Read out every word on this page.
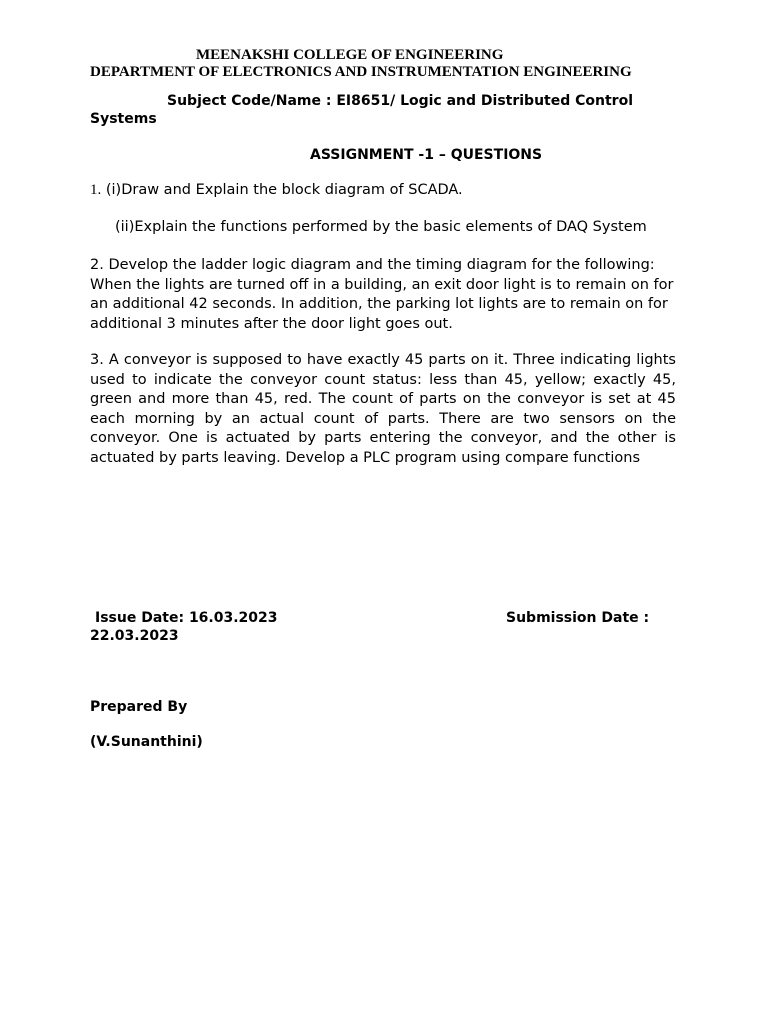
MEENAKSHI COLLEGE OF ENGINEERING
DEPARTMENT OF ELECTRONICS AND INSTRUMENTATION ENGINEERING
Subject Code/Name : EI8651/ Logic and Distributed Control
Systems
ASSIGNMENT -1 – QUESTIONS
1. (i)Draw and Explain the block diagram of SCADA.
(ii)Explain the functions performed by the basic elements of DAQ System
2. Develop the ladder logic diagram and the timing diagram for the following: When the lights are turned off in a building, an exit door light is to remain on for an additional 42 seconds. In addition, the parking lot lights are to remain on for additional 3 minutes after the door light goes out.
3. A conveyor is supposed to have exactly 45 parts on it. Three indicating lights used to indicate the conveyor count status: less than 45, yellow; exactly 45, green and more than 45, red. The count of parts on the conveyor is set at 45 each morning by an actual count of parts. There are two sensors on the conveyor. One is actuated by parts entering the conveyor, and the other is actuated by parts leaving. Develop a PLC program using compare functions
Issue Date: 16.03.2023	Submission Date :
22.03.2023
Prepared By
(V.Sunanthini)
